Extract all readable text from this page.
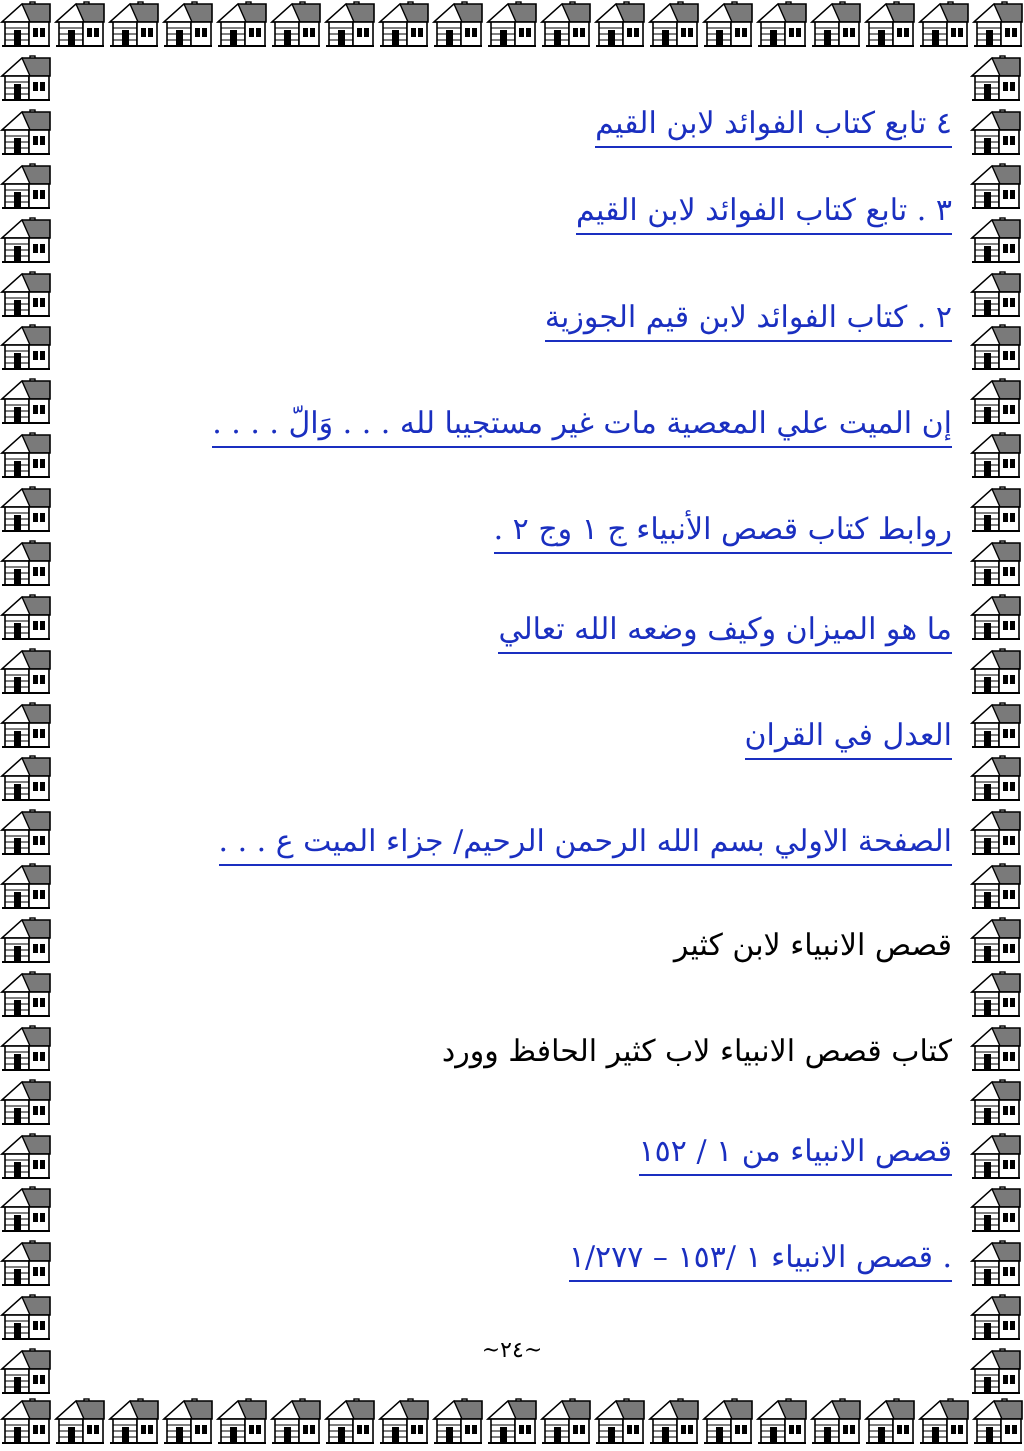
٤ تابع كتاب الفوائد لابن القيم
٣ . تابع كتاب الفوائد لابن القيم
٢ . كتاب الفوائد لابن قيم الجوزية
إن الميت علي المعصية مات غير مستجيبا لله . . . وَالّ . . . .
روابط كتاب قصص الأنبياء ج ١ وج ٢ .
ما هو الميزان وكيف وضعه الله تعالي
العدل في القران
الصفحة الاولي بسم الله الرحمن الرحيم/ جزاء الميت ع . . .
قصص الانبياء لابن كثير
كتاب قصص الانبياء لاب كثير الحافظ وورد
قصص الانبياء من ١ / ١٥٢
. قصص الانبياء ١ /١٥٣ – ١/٢٧٧
~٢٤~
